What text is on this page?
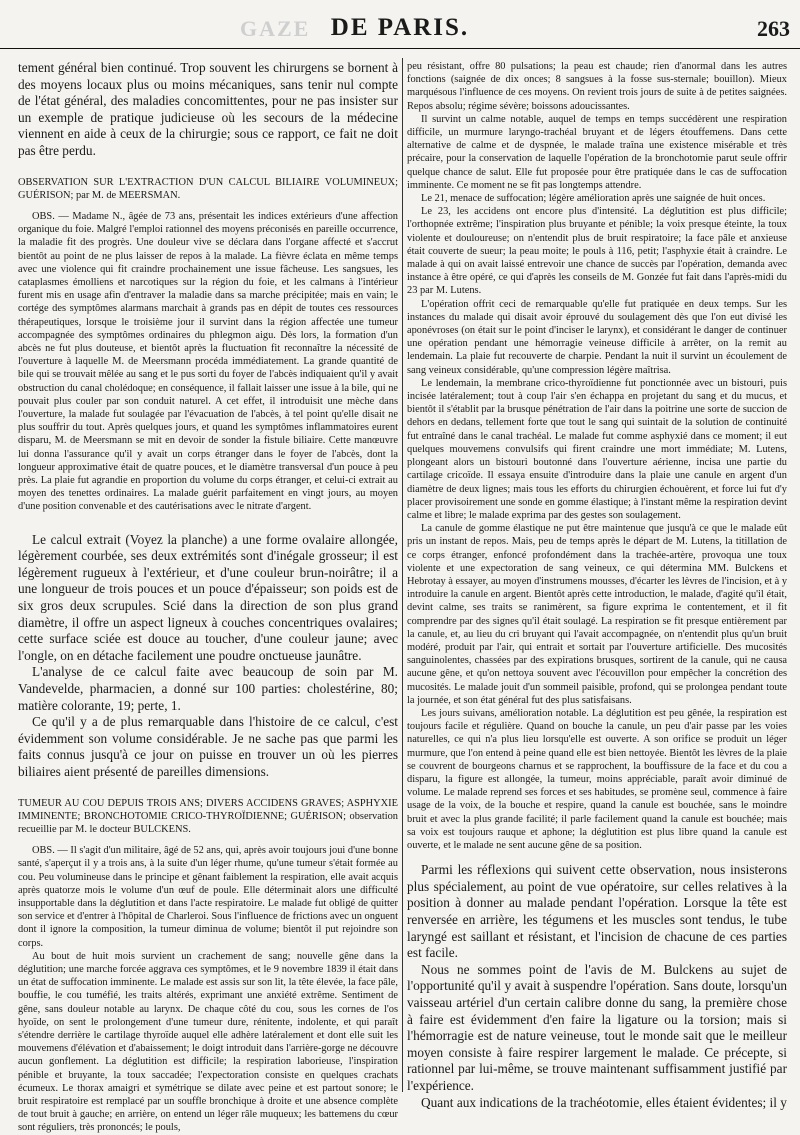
GAZE DE PARIS.	263

tement général bien continué. Trop souvent les chirurgens se bornent à des moyens locaux plus ou moins mécaniques, sans tenir nul compte de l'état général, des maladies concomittentes, pour ne pas insister sur un exemple de pratique judicieuse où les secours de la médecine viennent en aide à ceux de la chirurgie; sous ce rapport, ce fait ne doit pas être perdu.

OBSERVATION SUR L'EXTRACTION D'UN CALCUL BILIAIRE VOLUMINEUX; GUÉRISON; par M. de MEERSMAN.

OBS. — Madame N., âgée de 73 ans, présentait les indices extérieurs d'une affection organique du foie. Malgré l'emploi rationnel des moyens préconisés en pareille occurrence, la maladie fit des progrès. Une douleur vive se déclara dans l'organe affecté et s'accrut bientôt au point de ne plus laisser de repos à la malade. La fièvre éclata en même temps avec une violence qui fit craindre prochainement une issue fâcheuse. Les sangsues, les cataplasmes émolliens et narcotiques sur la région du foie, et les calmans à l'intérieur furent mis en usage afin d'entraver la maladie dans sa marche précipitée; mais en vain; le cortége des symptômes alarmans marchait à grands pas en dépit de toutes ces ressources thérapeutiques, lorsque le troisième jour il survint dans la région affectée une tumeur accompagnée des symptômes ordinaires du phlegmon aigu. Dès lors, la formation d'un abcès ne fut plus douteuse, et bientôt après la fluctuation fit reconnaître la nécessité de l'ouverture à laquelle M. de Meersmann procéda immédiatement. La grande quantité de bile qui se trouvait mêlée au sang et le pus sorti du foyer de l'abcès indiquaient qu'il y avait obstruction du canal cholédoque; en conséquence, il fallait laisser une issue à la bile, qui ne pouvait plus couler par son conduit naturel. A cet effet, il introduisit une mèche dans l'ouverture, la malade fut soulagée par l'évacuation de l'abcès, à tel point qu'elle disait ne plus souffrir du tout. Après quelques jours, et quand les symptômes inflammatoires eurent disparu, M. de Meersmann se mit en devoir de sonder la fistule biliaire. Cette manœuvre lui donna l'assurance qu'il y avait un corps étranger dans le foyer de l'abcès, dont la longueur approximative était de quatre pouces, et le diamètre transversal d'un pouce à peu près. La plaie fut agrandie en proportion du volume du corps étranger, et celui-ci extrait au moyen des tenettes ordinaires. La malade guérit parfaitement en vingt jours, au moyen d'une position convenable et des cautérisations avec le nitrate d'argent.

Le calcul extrait (Voyez la planche) a une forme ovalaire allongée, légèrement courbée, ses deux extrémités sont d'inégale grosseur; il est légèrement rugueux à l'extérieur, et d'une couleur brun-noirâtre; il a une longueur de trois pouces et un pouce d'épaisseur; son poids est de six gros deux scrupules. Scié dans la direction de son plus grand diamètre, il offre un aspect ligneux à couches concentriques ovalaires; cette surface sciée est douce au toucher, d'une couleur jaune; avec l'ongle, on en détache facilement une poudre onctueuse jaunâtre.

L'analyse de ce calcul faite avec beaucoup de soin par M. Vandevelde, pharmacien, a donné sur 100 parties: cholestérine, 80; matière colorante, 19; perte, 1.

Ce qu'il y a de plus remarquable dans l'histoire de ce calcul, c'est évidemment son volume considérable. Je ne sache pas que parmi les faits connus jusqu'à ce jour on puisse en trouver un où les pierres biliaires aient présenté de pareilles dimensions.

TUMEUR AU COU DEPUIS TROIS ANS; DIVERS ACCIDENS GRAVES; ASPHYXIE IMMINENTE; BRONCHOTOMIE CRICO-THYROÏDIENNE; GUÉRISON; observation recueillie par M. le docteur BULCKENS.

OBS. — Il s'agit d'un militaire, âgé de 52 ans, qui, après avoir toujours joui d'une bonne santé, s'aperçut il y a trois ans, à la suite d'un léger rhume, qu'une tumeur s'était formée au cou. Peu volumineuse dans le principe et gênant faiblement la respiration, elle avait acquis après quatorze mois le volume d'un œuf de poule. Elle déterminait alors une difficulté insupportable dans la déglutition et dans l'acte respiratoire. Le malade fut obligé de quitter son service et d'entrer à l'hôpital de Charleroi. Sous l'influence de frictions avec un onguent dont il ignore la composition, la tumeur diminua de volume; bientôt il put rejoindre son corps.

Au bout de huit mois survient un crachement de sang; nouvelle gêne dans la déglutition; une marche forcée aggrava ces symptômes, et le 9 novembre 1839 il était dans un état de suffocation imminente. Le malade est assis sur son lit, la tête élevée, la face pâle, bouffie, le cou tuméfié, les traits altérés, exprimant une anxiété extrême. Sentiment de gêne, sans douleur notable au larynx. De chaque côté du cou, sous les cornes de l'os hyoïde, on sent le prolongement d'une tumeur dure, rénitente, indolente, et qui paraît s'étendre derrière le cartilage thyroïde auquel elle adhère latéralement et dont elle suit les mouvemens d'élévation et d'abaissement; le doigt introduit dans l'arrière-gorge ne découvre aucun gonflement. La déglutition est difficile; la respiration laborieuse, l'inspiration pénible et bruyante, la toux saccadée; l'expectoration consiste en quelques crachats écumeux. Le thorax amaigri et symétrique se dilate avec peine et est partout sonore; le bruit respiratoire est remplacé par un souffle bronchique à droite et une absence complète de tout bruit à gauche; en arrière, on entend un léger râle muqueux; les battemens du cœur sont réguliers, très prononcés; le pouls,

peu résistant, offre 80 pulsations; la peau est chaude; rien d'anormal dans les autres fonctions (saignée de dix onces; 8 sangsues à la fosse sus-sternale; bouillon). Mieux marquésous l'influence de ces moyens. On revient trois jours de suite à de petites saignées. Repos absolu; régime sévère; boissons adoucissantes.

Il survint un calme notable, auquel de temps en temps succédèrent une respiration difficile, un murmure laryngo-trachéal bruyant et de légers étouffemens. Dans cette alternative de calme et de dyspnée, le malade traîna une existence misérable et très précaire, pour la conservation de laquelle l'opération de la bronchotomie parut seule offrir quelque chance de salut. Elle fut proposée pour être pratiquée dans le cas de suffocation imminente. Ce moment ne se fit pas longtemps attendre.

Le 21, menace de suffocation; légère amélioration après une saignée de huit onces.

Le 23, les accidens ont encore plus d'intensité. La déglutition est plus difficile; l'orthopnée extrême; l'inspiration plus bruyante et pénible; la voix presque éteinte, la toux violente et douloureuse; on n'entendit plus de bruit respiratoire; la face pâle et anxieuse était couverte de sueur; la peau moite; le pouls à 116, petit; l'asphyxie était à craindre. Le malade à qui on avait laissé entrevoir une chance de succès par l'opération, demanda avec instance à être opéré, ce qui d'après les conseils de M. Gonzée fut fait dans l'après-midi du 23 par M. Lutens.

L'opération offrit ceci de remarquable qu'elle fut pratiquée en deux temps. Sur les instances du malade qui disait avoir éprouvé du soulagement dès que l'on eut divisé les aponévroses (on était sur le point d'inciser le larynx), et considérant le danger de continuer une opération pendant une hémorragie veineuse difficile à arrêter, on la remit au lendemain. La plaie fut recouverte de charpie. Pendant la nuit il survint un écoulement de sang veineux considérable, qu'une compression légère maîtrisa.

Le lendemain, la membrane crico-thyroïdienne fut ponctionnée avec un bistouri, puis incisée latéralement; tout à coup l'air s'en échappa en projetant du sang et du mucus, et bientôt il s'établit par la brusque pénétration de l'air dans la poitrine une sorte de succion de dehors en dedans, tellement forte que tout le sang qui suintait de la solution de continuité fut entraîné dans le canal trachéal. Le malade fut comme asphyxié dans ce moment; il eut quelques mouvemens convulsifs qui firent craindre une mort immédiate; M. Lutens, plongeant alors un bistouri boutonné dans l'ouverture aérienne, incisa une partie du cartilage cricoïde. Il essaya ensuite d'introduire dans la plaie une canule en argent d'un diamètre de deux lignes; mais tous les efforts du chirurgien échouèrent, et force lui fut d'y placer provisoirement une sonde en gomme élastique; à l'instant même la respiration devint calme et libre; le malade exprima par des gestes son soulagement.

La canule de gomme élastique ne put être maintenue que jusqu'à ce que le malade eût pris un instant de repos. Mais, peu de temps après le départ de M. Lutens, la titillation de ce corps étranger, enfoncé profondément dans la trachée-artère, provoqua une toux violente et une expectoration de sang veineux, ce qui détermina MM. Bulckens et Hebrotay à essayer, au moyen d'instrumens mousses, d'écarter les lèvres de l'incision, et à y introduire la canule en argent. Bientôt après cette introduction, le malade, d'agité qu'il était, devint calme, ses traits se ranimèrent, sa figure exprima le contentement, et il fit comprendre par des signes qu'il était soulagé. La respiration se fit presque entièrement par la canule, et, au lieu du cri bruyant qui l'avait accompagnée, on n'entendit plus qu'un bruit modéré, produit par l'air, qui entrait et sortait par l'ouverture artificielle. Des mucosités sanguinolentes, chassées par des expirations brusques, sortirent de la canule, qui ne causa aucune gêne, et qu'on nettoya souvent avec l'écouvillon pour empêcher la concrétion des mucosités. Le malade jouit d'un sommeil paisible, profond, qui se prolongea pendant toute la journée, et son état général fut des plus satisfaisans.

Les jours suivans, amélioration notable. La déglutition est peu gênée, la respiration est toujours facile et régulière. Quand on bouche la canule, un peu d'air passe par les voies naturelles, ce qui n'a plus lieu lorsqu'elle est ouverte. A son orifice se produit un léger murmure, que l'on entend à peine quand elle est bien nettoyée. Bientôt les lèvres de la plaie se couvrent de bourgeons charnus et se rapprochent, la bouffissure de la face et du cou a disparu, la figure est allongée, la tumeur, moins appréciable, paraît avoir diminué de volume. Le malade reprend ses forces et ses habitudes, se promène seul, commence à faire usage de la voix, de la bouche et respire, quand la canule est bouchée, sans le moindre bruit et avec la plus grande facilité; il parle facilement quand la canule est bouchée; mais sa voix est toujours rauque et aphone; la déglutition est plus libre quand la canule est ouverte, et le malade ne sent aucune gêne de sa position.

Parmi les réflexions qui suivent cette observation, nous insisterons plus spécialement, au point de vue opératoire, sur celles relatives à la position à donner au malade pendant l'opération. Lorsque la tête est renversée en arrière, les tégumens et les muscles sont tendus, le tube laryngé est saillant et résistant, et l'incision de chacune de ces parties est facile.

Nous ne sommes point de l'avis de M. Bulckens au sujet de l'opportunité qu'il y avait à suspendre l'opération. Sans doute, lorsqu'un vaisseau artériel d'un certain calibre donne du sang, la première chose à faire est évidemment d'en faire la ligature ou la torsion; mais si l'hémorragie est de nature veineuse, tout le monde sait que le meilleur moyen consiste à faire respirer largement le malade. Ce précepte, si rationnel par lui-même, se trouve maintenant suffisamment justifié par l'expérience.

Quant aux indications de la trachéotomie, elles étaient évidentes; il y
